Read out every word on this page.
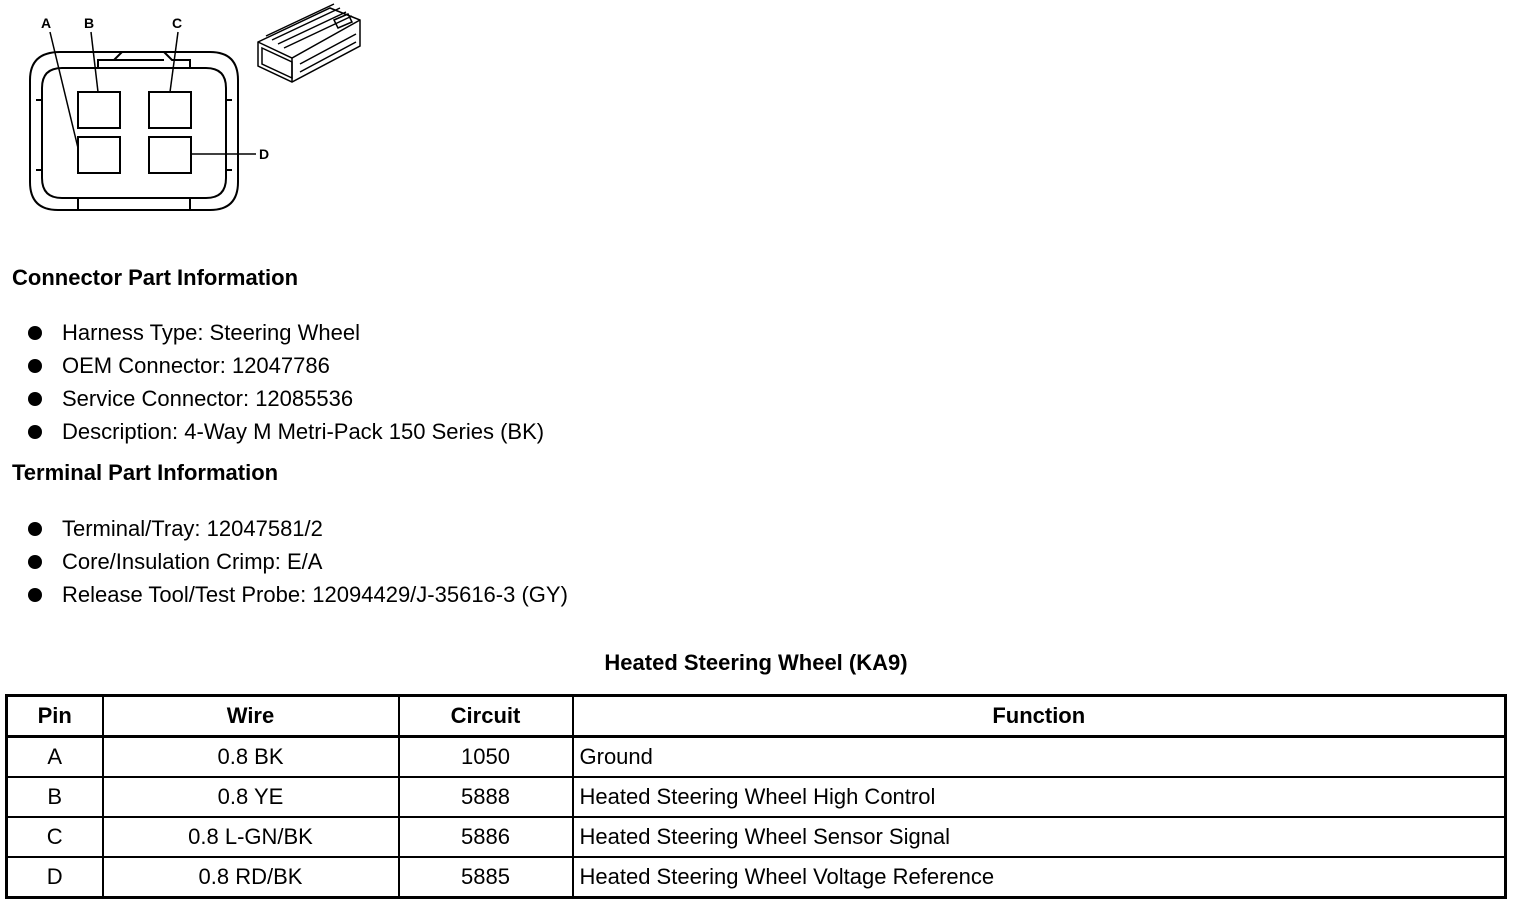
A B	C
D
Connector Part Information
Harness Type: Steering Wheel
OEM Connector: 12047786
Service Connector: 12085536
Description: 4-Way M Metri-Pack 150 Series (BK)
Terminal Part Information
Terminal/Tray: 12047581/2
Core/Insulation Crimp: E/A
Release Tool/Test Probe: 12094429/J-35616-3 (GY)
Heated Steering Wheel (KA9)
Pin	Wire	Circuit	Function
A	0.8 BK	1050	Ground
B	0.8 YE	5888	Heated Steering Wheel High Control
C	0.8 L-GN/BK	5886	Heated Steering Wheel Sensor Signal
D	0.8 RD/BK	5885	Heated Steering Wheel Voltage Reference
